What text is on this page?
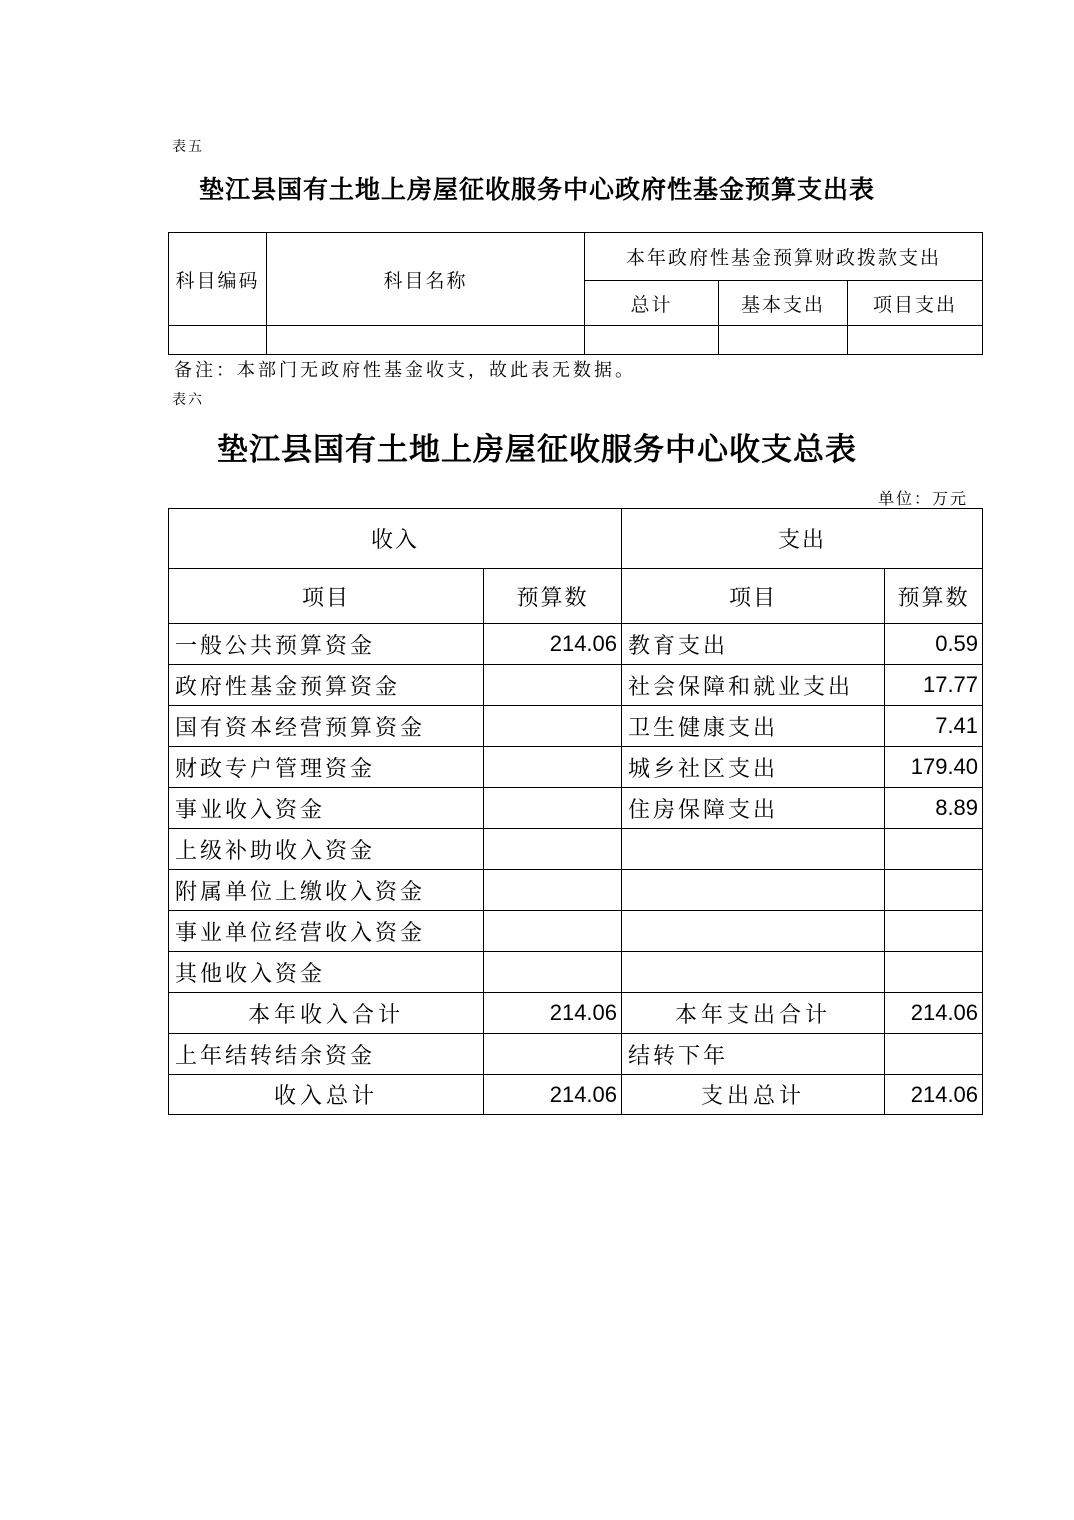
表五
垫江县国有土地上房屋征收服务中心政府性基金预算支出表
科目编码	科目名称	本年政府性基金预算财政拨款支出		
		总计	基本支出	项目支出

备注：本部门无政府性基金收支，故此表无数据。
表六
垫江县国有土地上房屋征收服务中心收支总表
单位：万元
收入		支出	
项目	预算数	项目	预算数
一般公共预算资金	214.06	教育支出	0.59
政府性基金预算资金		社会保障和就业支出	17.77
国有资本经营预算资金		卫生健康支出	7.41
财政专户管理资金		城乡社区支出	179.40
事业收入资金		住房保障支出	8.89
上级补助收入资金			
附属单位上缴收入资金			
事业单位经营收入资金			
其他收入资金			
本年收入合计	214.06	本年支出合计	214.06
上年结转结余资金		结转下年	
收入总计	214.06	支出总计	214.06
